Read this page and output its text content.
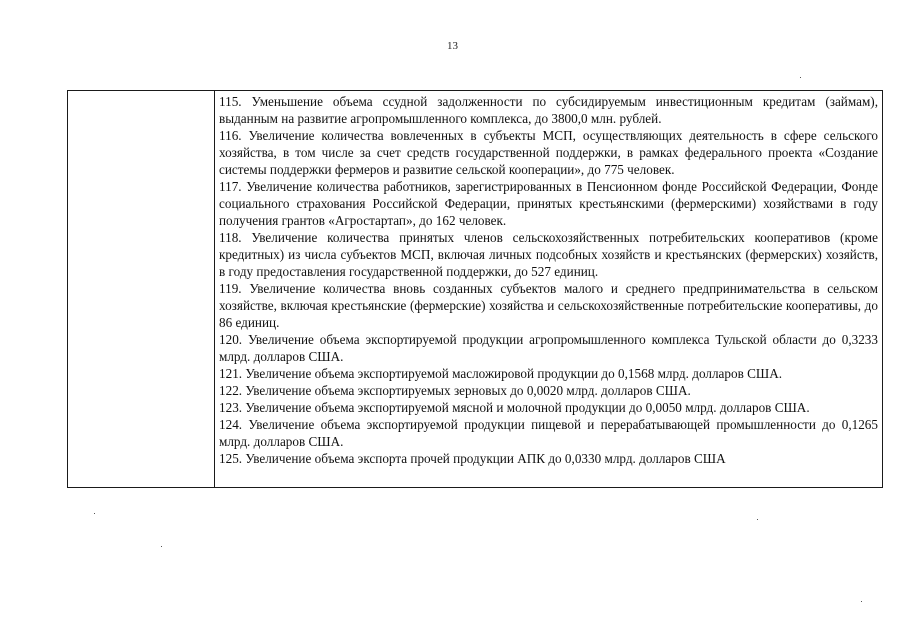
13

115. Уменьшение объема ссудной задолженности по субсидируемым инвестиционным кредитам (займам), выданным на развитие агропромышленного комплекса, до 3800,0 млн. рублей.

116. Увеличение количества вовлеченных в субъекты МСП, осуществляющих деятельность в сфере сельского хозяйства, в том числе за счет средств государственной поддержки, в рамках федерального проекта «Создание системы поддержки фермеров и развитие сельской кооперации», до 775 человек.

117. Увеличение количества работников, зарегистрированных в Пенсионном фонде Российской Федерации, Фонде социального страхования Российской Федерации, принятых крестьянскими (фермерскими) хозяйствами в году получения грантов «Агростартап», до 162 человек.

118. Увеличение количества принятых членов сельскохозяйственных потребительских кооперативов (кроме кредитных) из числа субъектов МСП, включая личных подсобных хозяйств и крестьянских (фермерских) хозяйств, в году предоставления государственной поддержки, до 527 единиц.

119. Увеличение количества вновь созданных субъектов малого и среднего предпринимательства в сельском хозяйстве, включая крестьянские (фермерские) хозяйства и сельскохозяйственные потребительские кооперативы, до 86 единиц.

120. Увеличение объема экспортируемой продукции агропромышленного комплекса Тульской области до 0,3233 млрд. долларов США.

121. Увеличение объема экспортируемой масложировой продукции до 0,1568 млрд. долларов США.

122. Увеличение объема экспортируемых зерновых до 0,0020 млрд. долларов США.

123. Увеличение объема экспортируемой мясной и молочной продукции до 0,0050 млрд. долларов США.

124. Увеличение объема экспортируемой продукции пищевой и перерабатывающей промышленности до 0,1265 млрд. долларов США.

125. Увеличение объема экспорта прочей продукции АПК до 0,0330 млрд. долларов США
